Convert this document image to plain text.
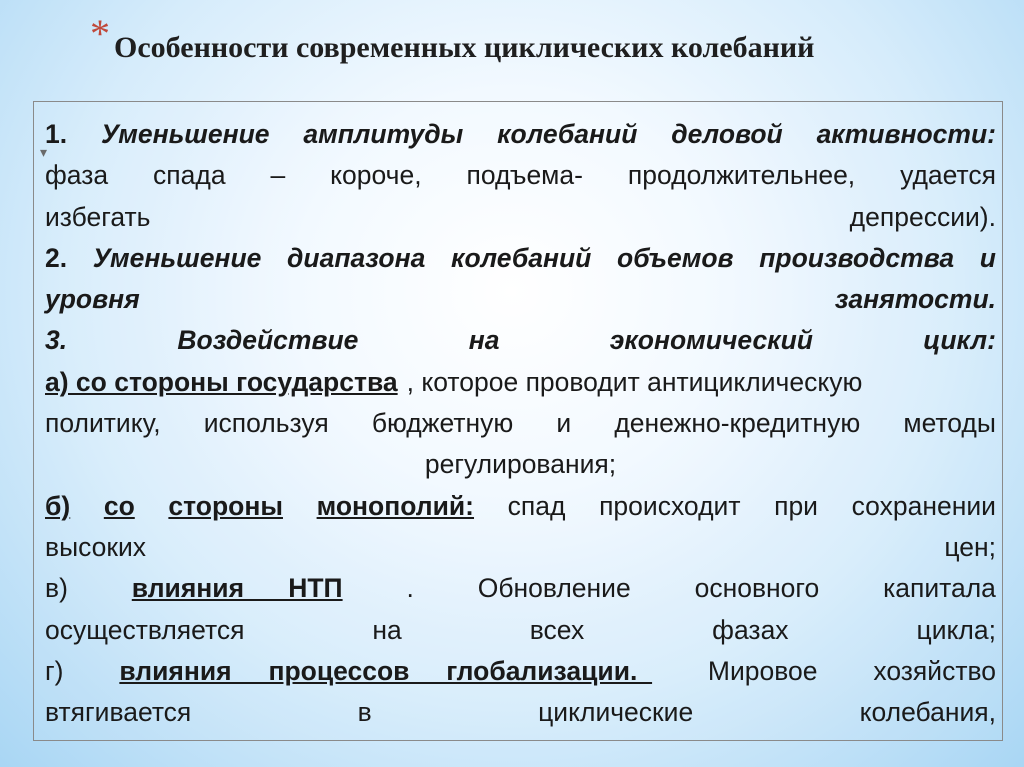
* Особенности современных циклических колебаний
▾
1. Уменьшение амплитуды колебаний деловой активности:
фаза спада – короче, подъема- продолжительнее, удается
избегать	депрессии).
2. Уменьшение диапазона колебаний объемов производства и
уровня	занятости.
3.	Воздействие	на	экономический	цикл:
а) со стороны государства , которое проводит антициклическую
политику, используя бюджетную и денежно-кредитную методы
регулирования;
б) со стороны монополий: спад происходит при сохранении
высоких	цен;
в) влияния      НТП . Обновление основного капитала
осуществляется	на	всех	фазах	цикла;
г) влияния     процессов     глобализации. Мировое хозяйство
втягивается	в	циклические	колебания,
